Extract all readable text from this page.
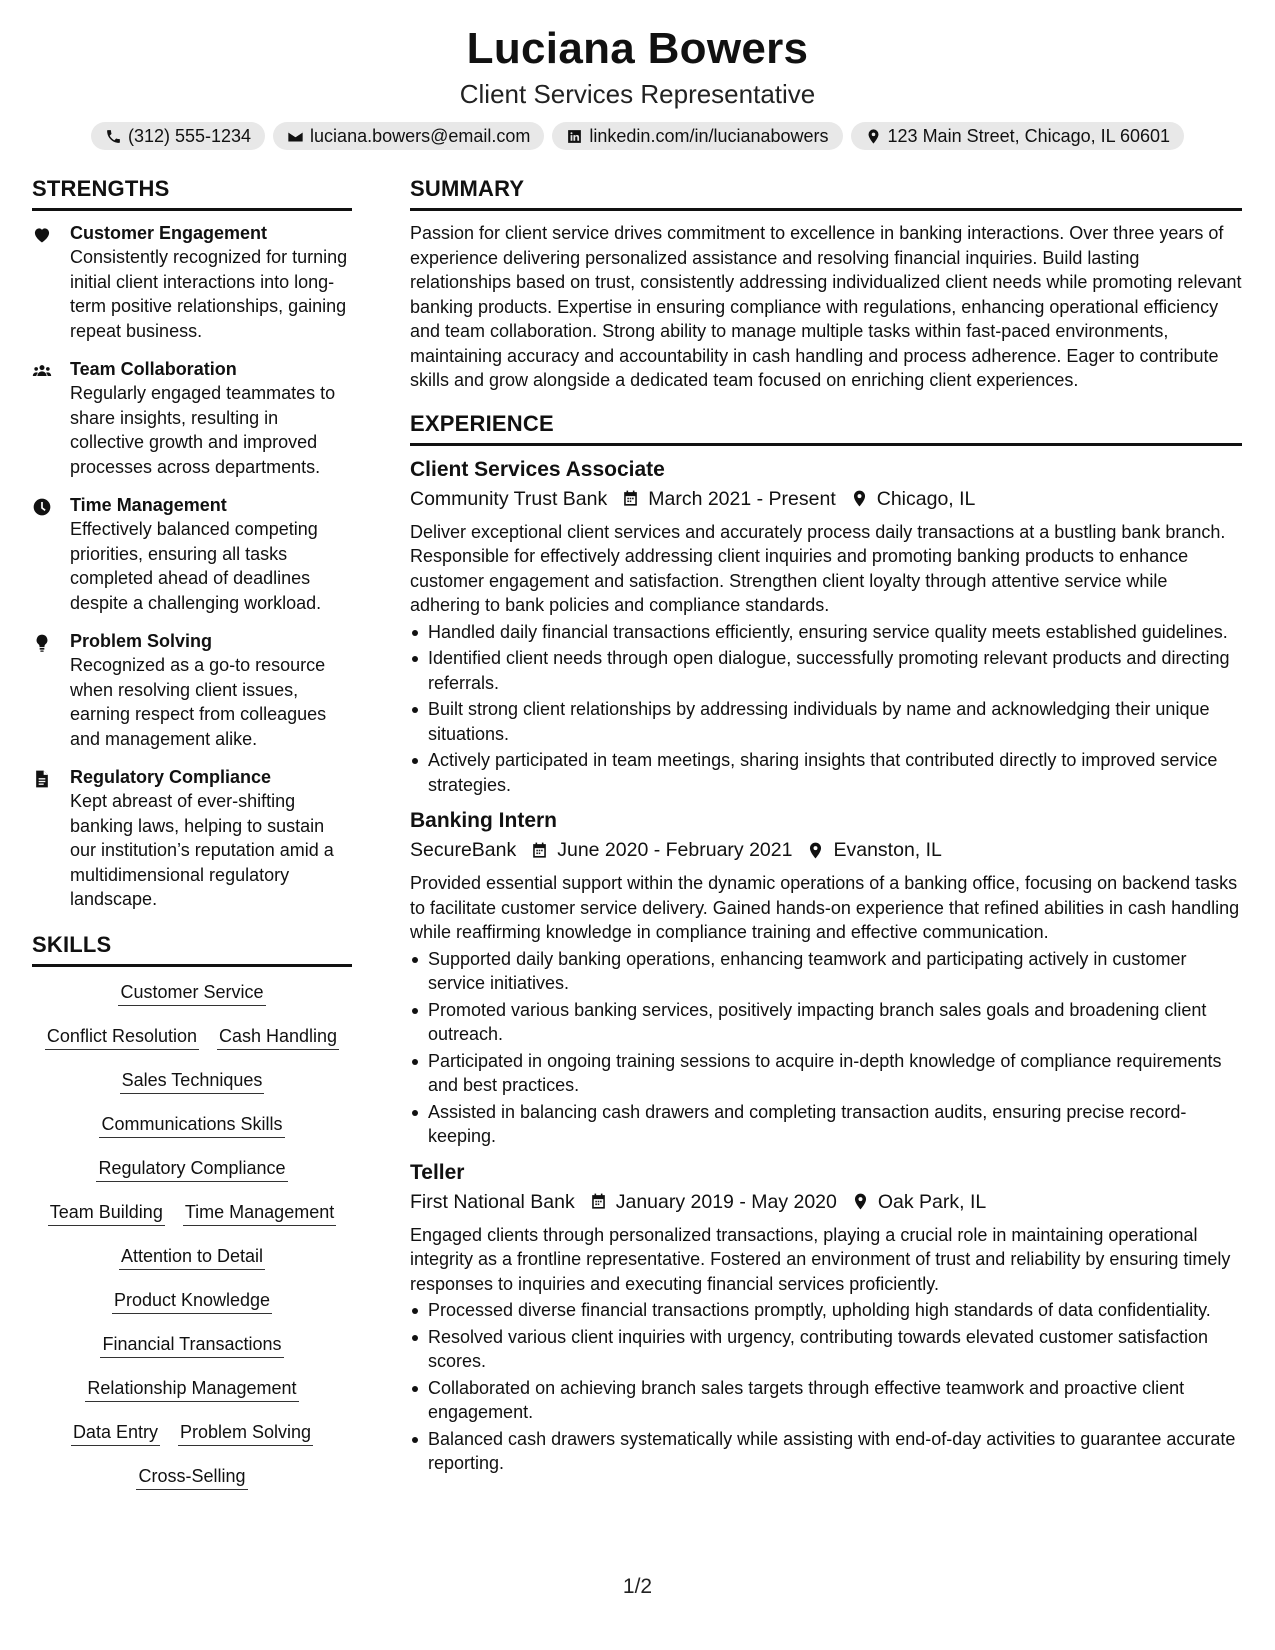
Luciana Bowers
Client Services Representative
(312) 555-1234	luciana.bowers@email.com	linkedin.com/in/lucianabowers	123 Main Street, Chicago, IL 60601
STRENGTHS
Customer Engagement
Consistently recognized for turning initial client interactions into long-term positive relationships, gaining repeat business.
Team Collaboration
Regularly engaged teammates to share insights, resulting in collective growth and improved processes across departments.
Time Management
Effectively balanced competing priorities, ensuring all tasks completed ahead of deadlines despite a challenging workload.
Problem Solving
Recognized as a go-to resource when resolving client issues, earning respect from colleagues and management alike.
Regulatory Compliance
Kept abreast of ever-shifting banking laws, helping to sustain our institution’s reputation amid a multidimensional regulatory landscape.
SKILLS
Customer Service
Conflict Resolution Cash Handling
Sales Techniques
Communications Skills
Regulatory Compliance
Team Building Time Management
Attention to Detail
Product Knowledge
Financial Transactions
Relationship Management
Data Entry Problem Solving
Cross-Selling
SUMMARY
Passion for client service drives commitment to excellence in banking interactions. Over three years of experience delivering personalized assistance and resolving financial inquiries. Build lasting relationships based on trust, consistently addressing individualized client needs while promoting relevant banking products. Expertise in ensuring compliance with regulations, enhancing operational efficiency and team collaboration. Strong ability to manage multiple tasks within fast-paced environments, maintaining accuracy and accountability in cash handling and process adherence. Eager to contribute skills and grow alongside a dedicated team focused on enriching client experiences.
EXPERIENCE
Client Services Associate
Community Trust Bank March 2021 - Present Chicago, IL
Deliver exceptional client services and accurately process daily transactions at a bustling bank branch. Responsible for effectively addressing client inquiries and promoting banking products to enhance customer engagement and satisfaction. Strengthen client loyalty through attentive service while adhering to bank policies and compliance standards.
Handled daily financial transactions efficiently, ensuring service quality meets established guidelines.
Identified client needs through open dialogue, successfully promoting relevant products and directing referrals.
Built strong client relationships by addressing individuals by name and acknowledging their unique situations.
Actively participated in team meetings, sharing insights that contributed directly to improved service strategies.
Banking Intern
SecureBank June 2020 - February 2021 Evanston, IL
Provided essential support within the dynamic operations of a banking office, focusing on backend tasks to facilitate customer service delivery. Gained hands-on experience that refined abilities in cash handling while reaffirming knowledge in compliance training and effective communication.
Supported daily banking operations, enhancing teamwork and participating actively in customer service initiatives.
Promoted various banking services, positively impacting branch sales goals and broadening client outreach.
Participated in ongoing training sessions to acquire in-depth knowledge of compliance requirements and best practices.
Assisted in balancing cash drawers and completing transaction audits, ensuring precise record-keeping.
Teller
First National Bank January 2019 - May 2020 Oak Park, IL
Engaged clients through personalized transactions, playing a crucial role in maintaining operational integrity as a frontline representative. Fostered an environment of trust and reliability by ensuring timely responses to inquiries and executing financial services proficiently.
Processed diverse financial transactions promptly, upholding high standards of data confidentiality.
Resolved various client inquiries with urgency, contributing towards elevated customer satisfaction scores.
Collaborated on achieving branch sales targets through effective teamwork and proactive client engagement.
Balanced cash drawers systematically while assisting with end-of-day activities to guarantee accurate reporting.
1/2
